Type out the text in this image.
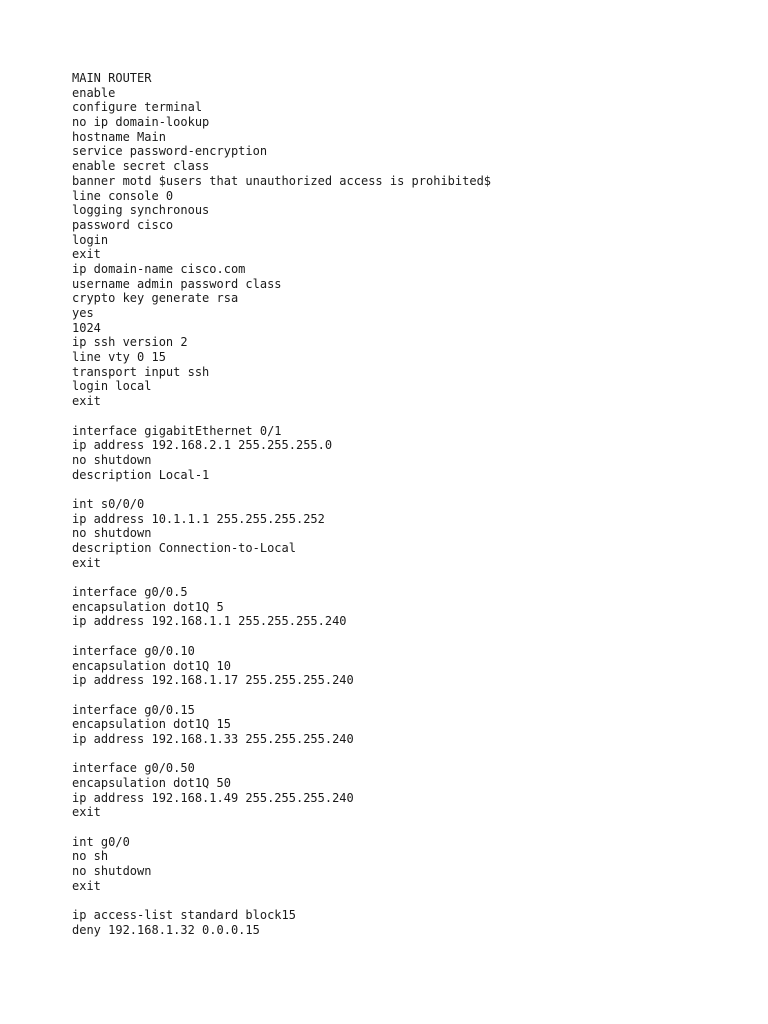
MAIN ROUTER
enable
configure terminal
no ip domain-lookup
hostname Main
service password-encryption
enable secret class
banner motd $users that unauthorized access is prohibited$
line console 0
logging synchronous
password cisco
login
exit
ip domain-name cisco.com
username admin password class
crypto key generate rsa
yes
1024
ip ssh version 2
line vty 0 15
transport input ssh
login local
exit
interface gigabitEthernet 0/1
ip address 192.168.2.1 255.255.255.0
no shutdown
description Local-1
int s0/0/0
ip address 10.1.1.1 255.255.255.252
no shutdown
description Connection-to-Local
exit
interface g0/0.5
encapsulation dot1Q 5
ip address 192.168.1.1 255.255.255.240
interface g0/0.10
encapsulation dot1Q 10
ip address 192.168.1.17 255.255.255.240
interface g0/0.15
encapsulation dot1Q 15
ip address 192.168.1.33 255.255.255.240
interface g0/0.50
encapsulation dot1Q 50
ip address 192.168.1.49 255.255.255.240
exit
int g0/0
no sh
no shutdown
exit
ip access-list standard block15
deny 192.168.1.32 0.0.0.15
